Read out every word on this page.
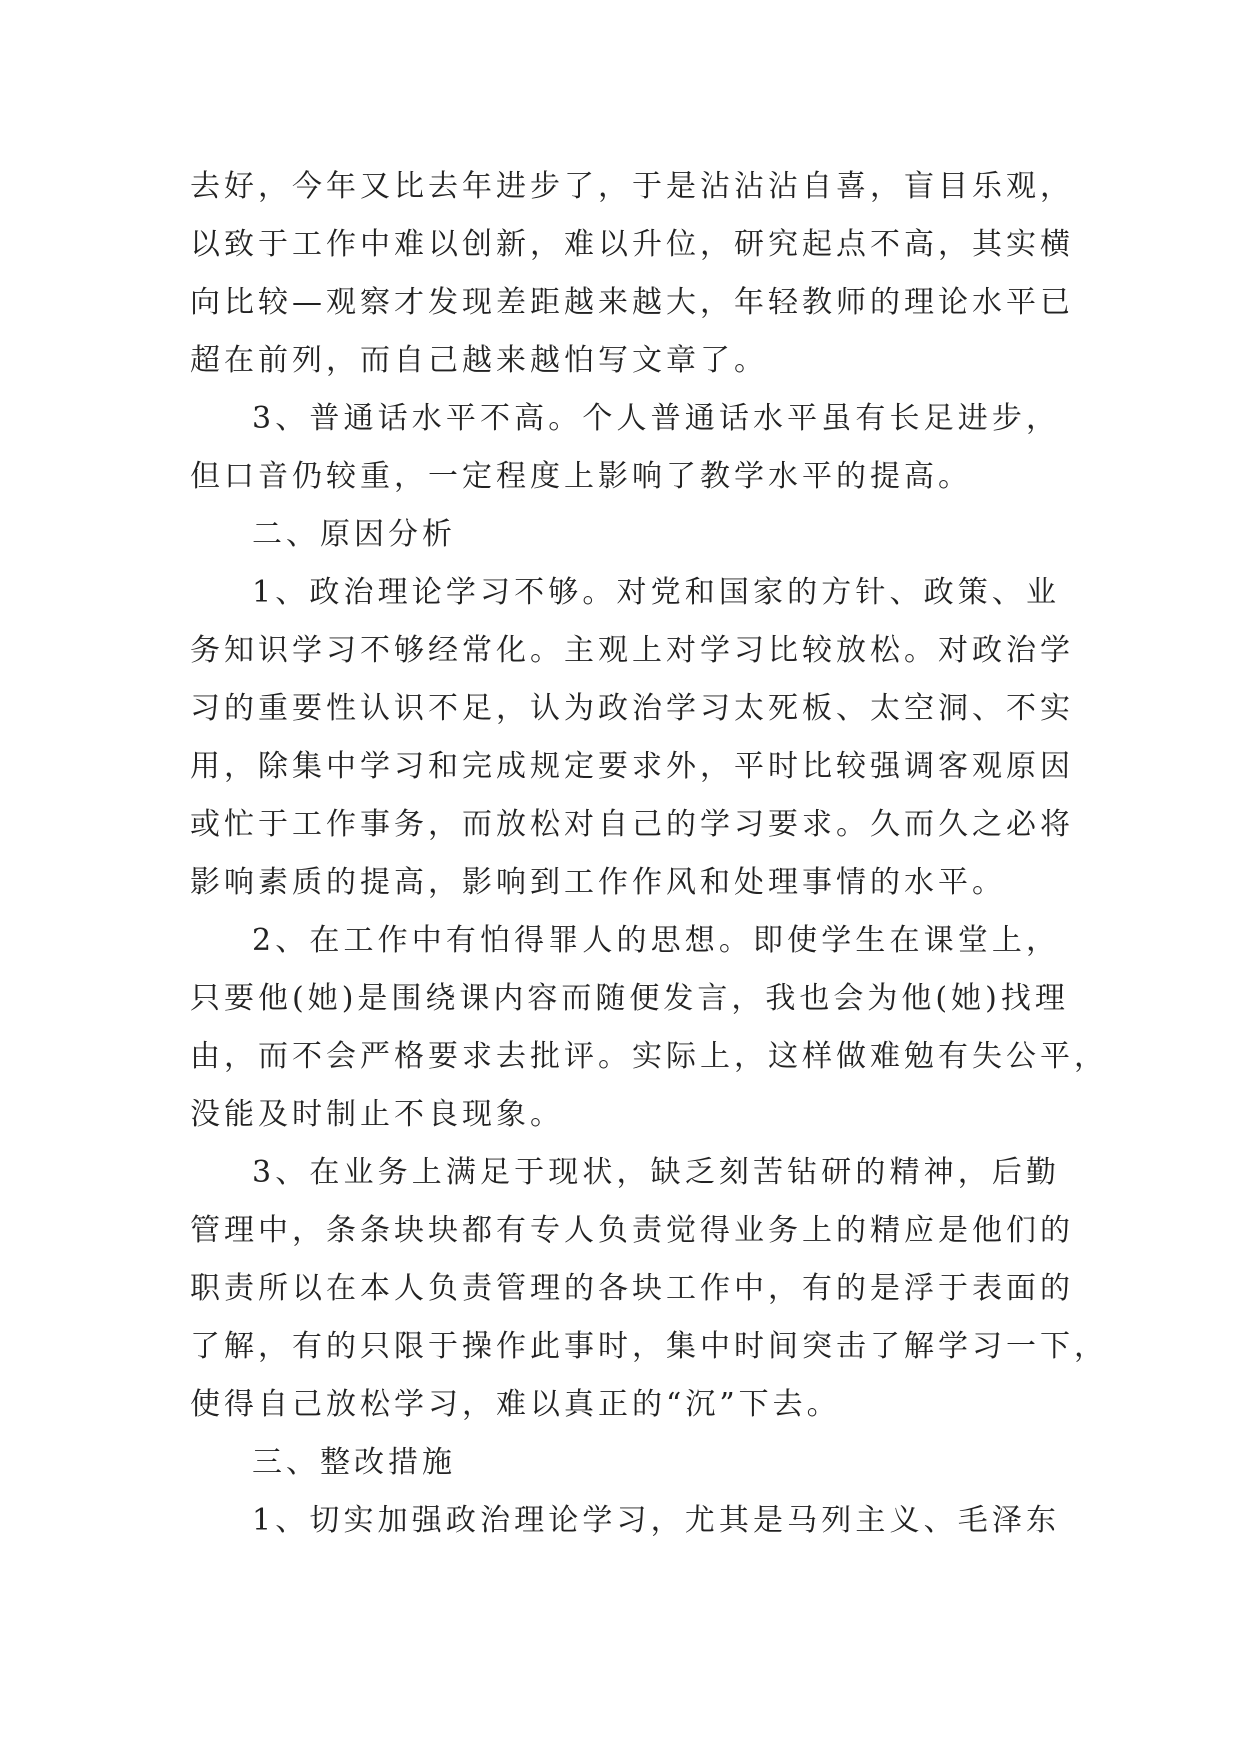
去好，今年又比去年进步了，于是沾沾沾自喜，盲目乐观，
以致于工作中难以创新，难以升位，研究起点不高，其实横
向比较—观察才发现差距越来越大，年轻教师的理论水平已
超在前列，而自己越来越怕写文章了。
3、普通话水平不高。个人普通话水平虽有长足进步，
但口音仍较重，一定程度上影响了教学水平的提高。
二、原因分析
1、政治理论学习不够。对党和国家的方针、政策、业
务知识学习不够经常化。主观上对学习比较放松。对政治学
习的重要性认识不足，认为政治学习太死板、太空洞、不实
用，除集中学习和完成规定要求外，平时比较强调客观原因
或忙于工作事务，而放松对自己的学习要求。久而久之必将
影响素质的提高，影响到工作作风和处理事情的水平。
2、在工作中有怕得罪人的思想。即使学生在课堂上，
只要他(她)是围绕课内容而随便发言，我也会为他(她)找理
由，而不会严格要求去批评。实际上，这样做难勉有失公平，
没能及时制止不良现象。
3、在业务上满足于现状，缺乏刻苦钻研的精神，后勤
管理中，条条块块都有专人负责觉得业务上的精应是他们的
职责所以在本人负责管理的各块工作中，有的是浮于表面的
了解，有的只限于操作此事时，集中时间突击了解学习一下，
使得自己放松学习，难以真正的“沉”下去。
三、整改措施
1、切实加强政治理论学习，尤其是马列主义、毛泽东
